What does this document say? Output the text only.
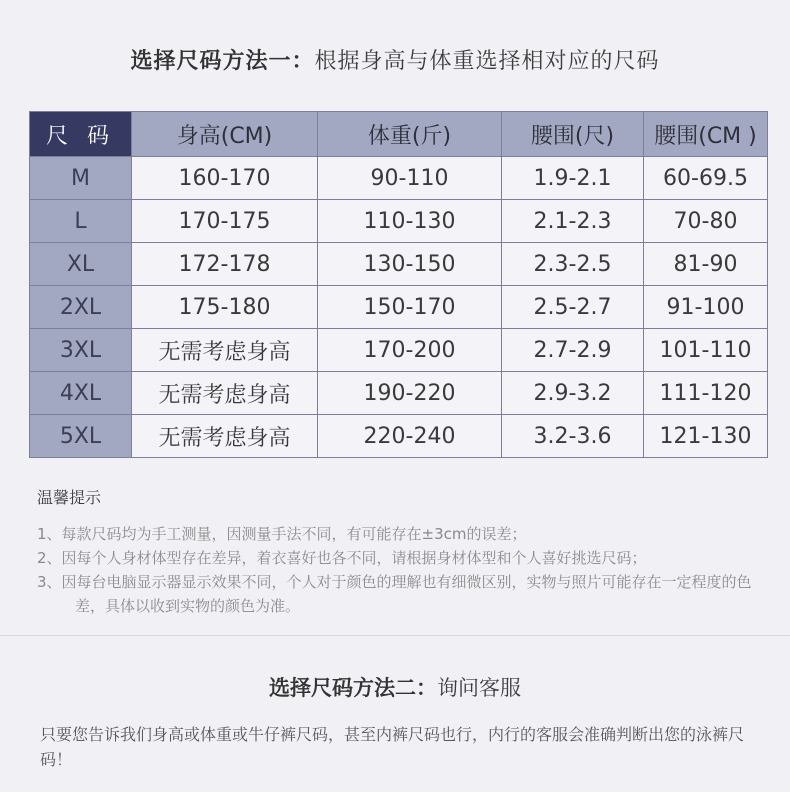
选择尺码方法一：根据身高与体重选择相对应的尺码
尺 码	身高(CM)	体重(斤)	腰围(尺)	腰围(CM )
M	160-170	90-110	1.9-2.1	60-69.5
L	170-175	110-130	2.1-2.3	70-80
XL	172-178	130-150	2.3-2.5	81-90
2XL	175-180	150-170	2.5-2.7	91-100
3XL	无需考虑身高	170-200	2.7-2.9	101-110
4XL	无需考虑身高	190-220	2.9-3.2	111-120
5XL	无需考虑身高	220-240	3.2-3.6	121-130
温馨提示
1、每款尺码均为手工测量，因测量手法不同，有可能存在±3cm的误差；
2、因每个人身材体型存在差异，着衣喜好也各不同，请根据身材体型和个人喜好挑选尺码；
3、因每台电脑显示器显示效果不同，个人对于颜色的理解也有细微区别，实物与照片可能存在一定程度的色差，具体以收到实物的颜色为准。
选择尺码方法二：询问客服
只要您告诉我们身高或体重或牛仔裤尺码，甚至内裤尺码也行，内行的客服会准确判断出您的泳裤尺码！
